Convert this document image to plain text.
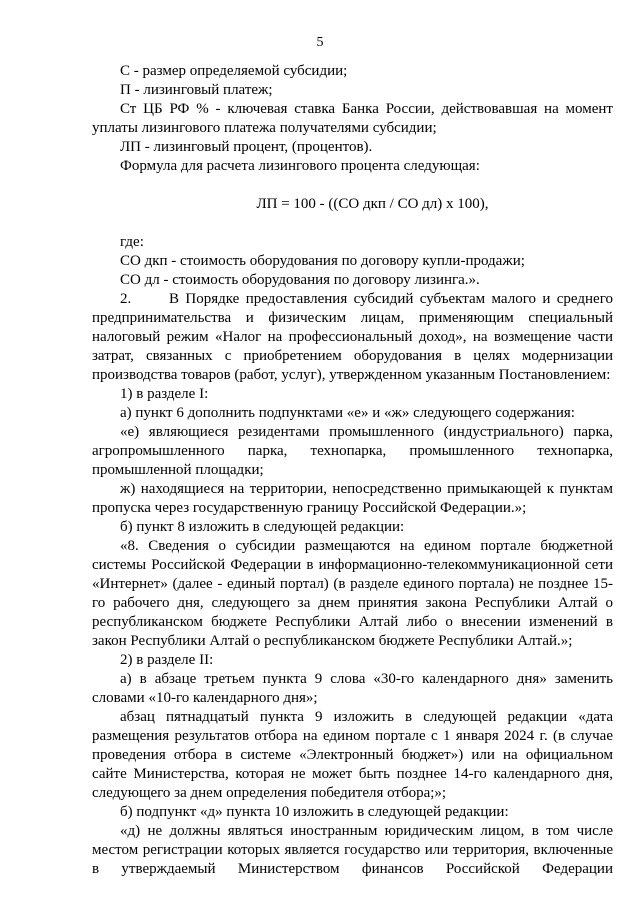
5

С - размер определяемой субсидии;

П - лизинговый платеж;

Ст ЦБ РФ % - ключевая ставка Банка России, действовавшая на момент уплаты лизингового платежа получателями субсидии;

ЛП - лизинговый процент, (процентов).

Формула для расчета лизингового процента следующая:

ЛП = 100 - ((СО дкп / СО дл) х 100),

где:

СО дкп - стоимость оборудования по договору купли-продажи;

СО дл - стоимость оборудования по договору лизинга.».

2.	В Порядке предоставления субсидий субъектам малого и среднего

предпринимательства и физическим лицам, применяющим специальный налоговый режим «Налог на профессиональный доход», на возмещение части затрат, связанных с приобретением оборудования в целях модернизации производства товаров (работ, услуг), утвержденном указанным Постановлением:

1) в разделе I:

а) пункт 6 дополнить подпунктами «е» и «ж» следующего содержания:

«е) являющиеся резидентами промышленного (индустриального) парка, агропромышленного парка, технопарка, промышленного технопарка, промышленной площадки;

ж) находящиеся на территории, непосредственно примыкающей к пунктам пропуска через государственную границу Российской Федерации.»;

б) пункт 8 изложить в следующей редакции:

«8. Сведения о субсидии размещаются на едином портале бюджетной системы Российской Федерации в информационно-телекоммуникационной сети «Интернет» (далее - единый портал) (в разделе единого портала) не позднее 15-го рабочего дня, следующего за днем принятия закона Республики Алтай о республиканском бюджете Республики Алтай либо о внесении изменений в закон Республики Алтай о республиканском бюджете Республики Алтай.»;

2) в разделе II:

а) в абзаце третьем пункта 9 слова «30-го календарного дня» заменить словами «10-го календарного дня»;

абзац пятнадцатый пункта 9 изложить в следующей редакции «дата размещения результатов отбора на едином портале с 1 января 2024 г. (в случае проведения отбора в системе «Электронный бюджет») или на официальном сайте Министерства, которая не может быть позднее 14-го календарного дня, следующего за днем определения победителя отбора;»;

б) подпункт «д» пункта 10 изложить в следующей редакции:

«д) не должны являться иностранным юридическим лицом, в том числе местом регистрации которых является государство или территория, включенные в утверждаемый Министерством финансов Российской Федерации
